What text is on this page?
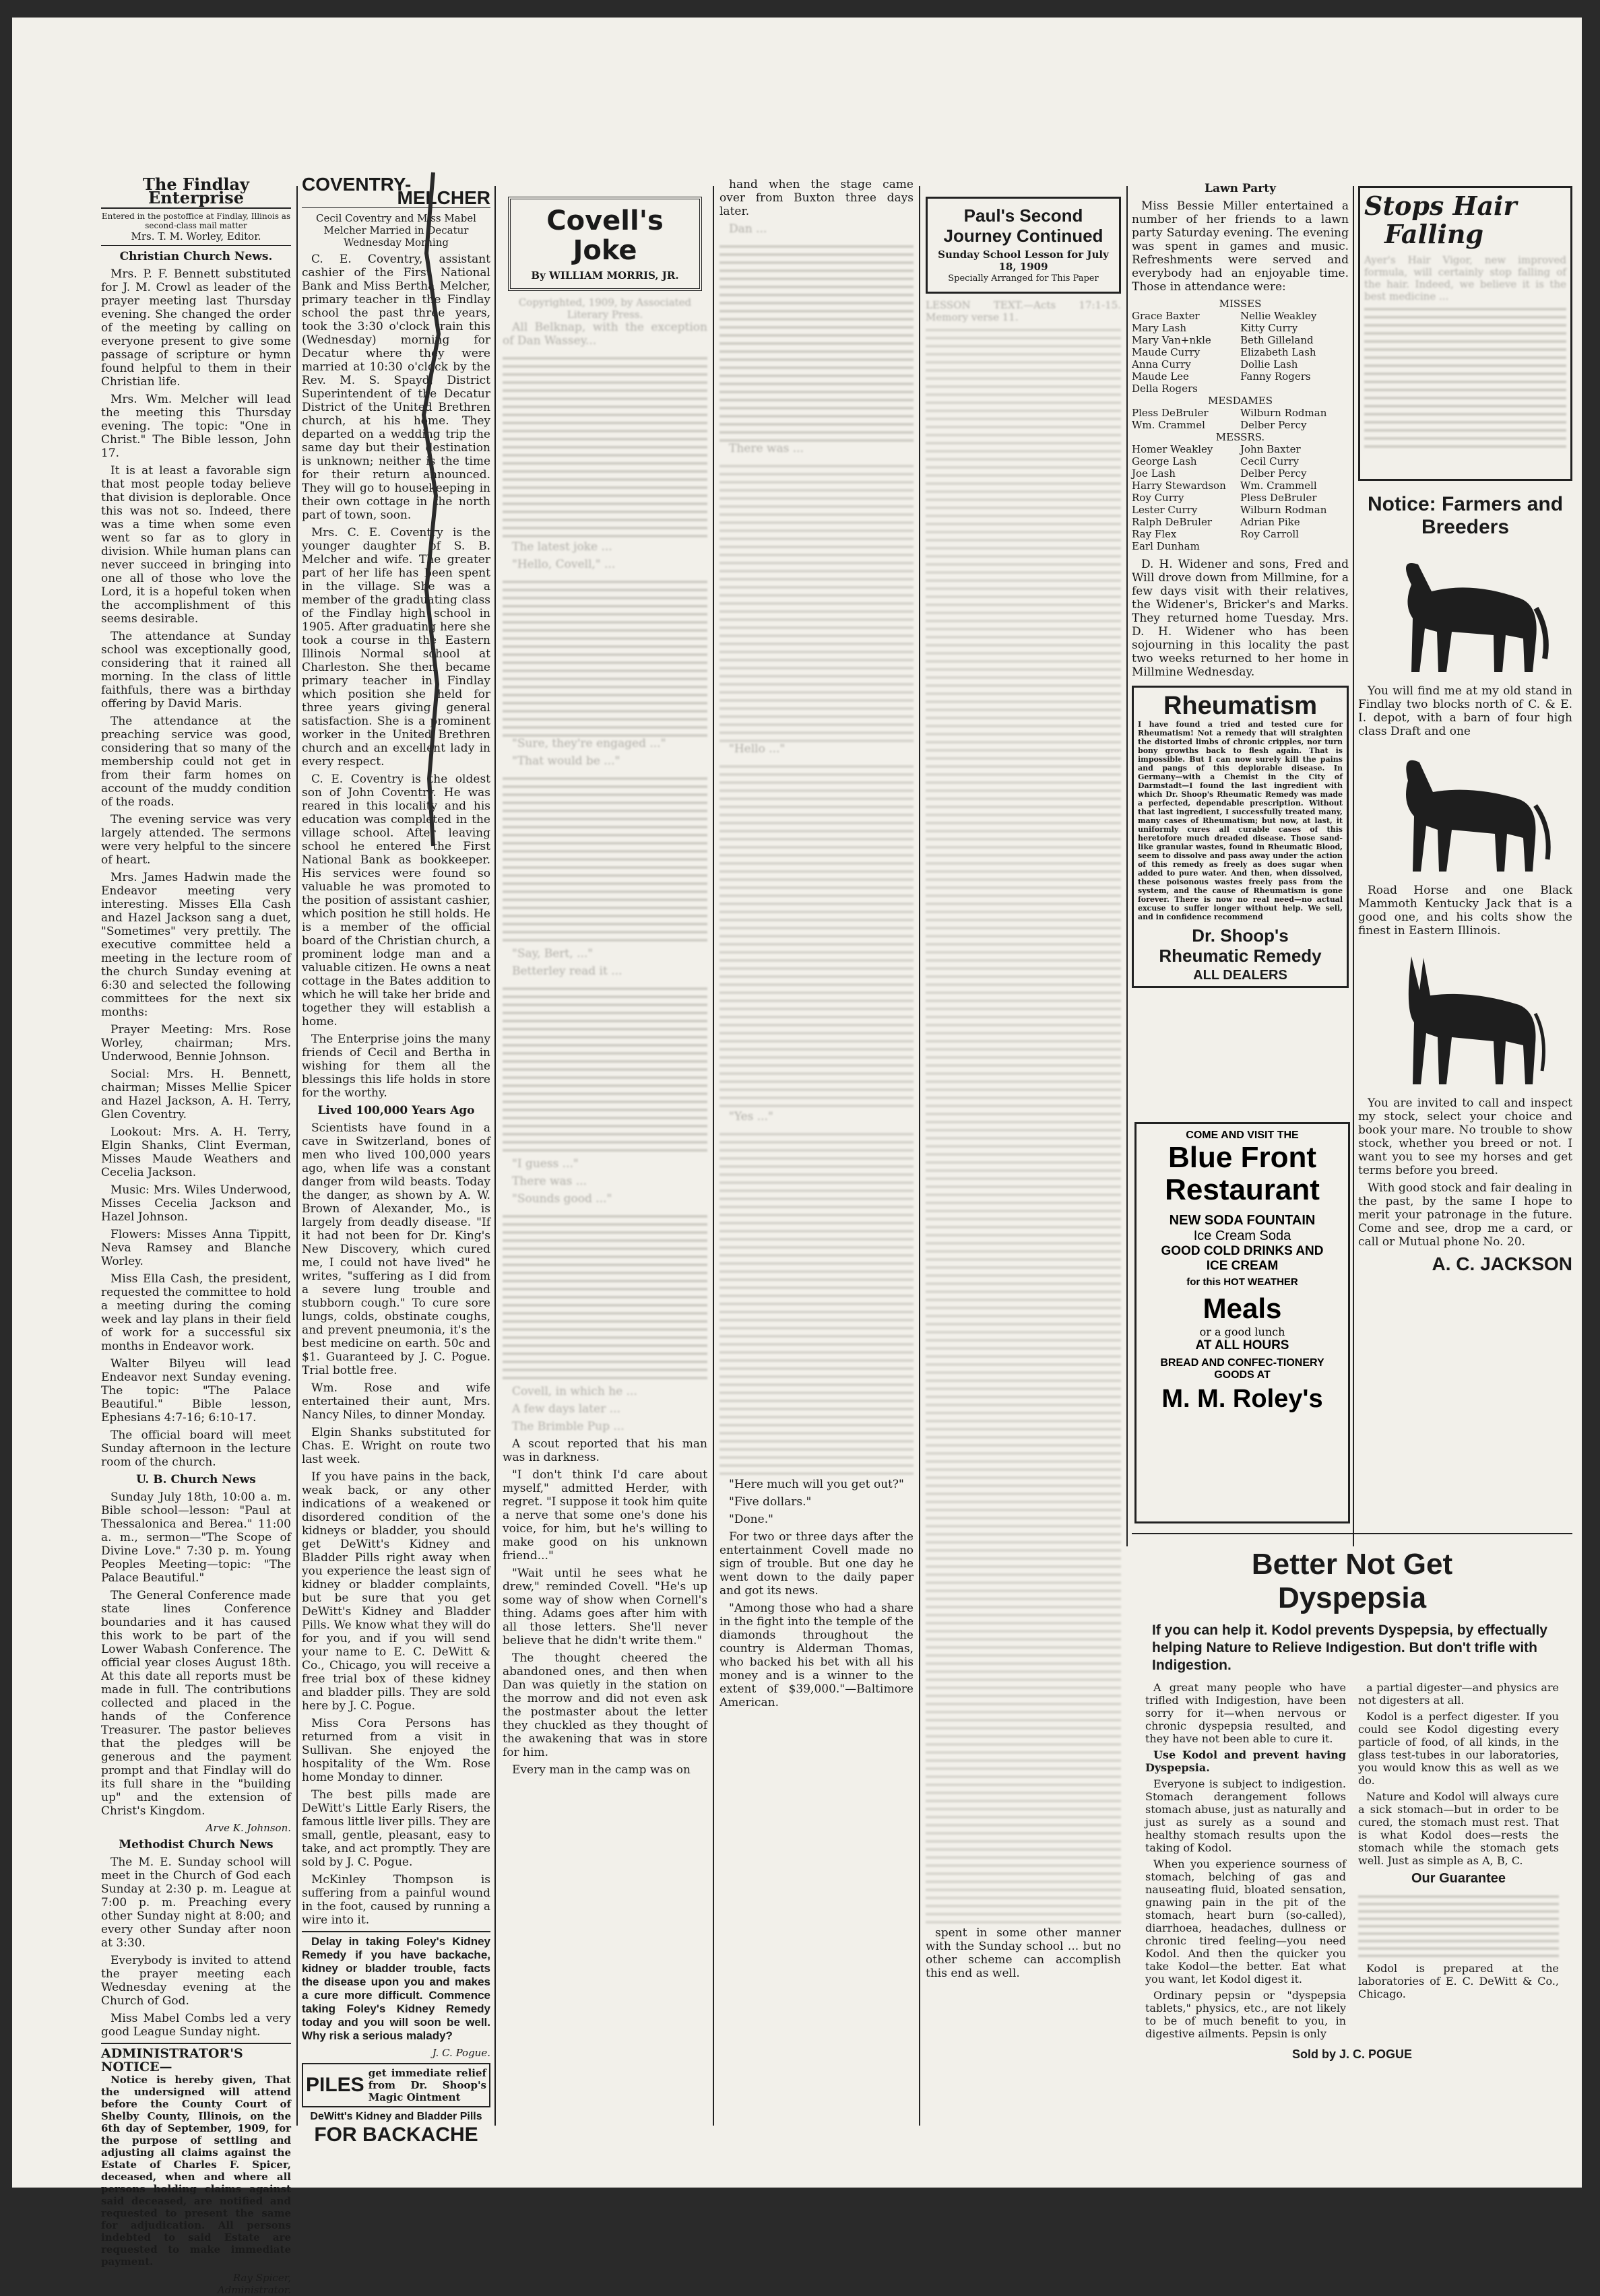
The Findlay Enterprise
Entered in the postoffice at Findlay, Illinois as second-class mail matter
Mrs. T. M. Worley, Editor.
Christian Church News.

Mrs. P. F. Bennett substituted for J. M. Crowl as leader of the prayer meeting last Thursday evening. She changed the order of the meeting by calling on everyone present to give some passage of scripture or hymn found helpful to them in their Christian life.

Mrs. Wm. Melcher will lead the meeting this Thursday evening. The topic: "One in Christ." The Bible lesson, John 17.

It is at least a favorable sign that most people today believe that division is deplorable. Once this was not so. Indeed, there was a time when some even went so far as to glory in division. While human plans can never succeed in bringing into one all of those who love the Lord, it is a hopeful token when the accomplishment of this seems desirable.

The attendance at Sunday school was exceptionally good, considering that it rained all morning. In the class of little faithfuls, there was a birthday offering by David Maris.

The attendance at the preaching service was good, considering that so many of the membership could not get in from their farm homes on account of the muddy condition of the roads.

The evening service was very largely attended. The sermons were very helpful to the sincere of heart.

Mrs. James Hadwin made the Endeavor meeting very interesting. Misses Ella Cash and Hazel Jackson sang a duet, "Sometimes" very prettily. The executive committee held a meeting in the lecture room of the church Sunday evening at 6:30 and selected the following committees for the next six months:

Prayer Meeting: Mrs. Rose Worley, chairman; Mrs. Underwood, Bennie Johnson.

Social: Mrs. H. Bennett, chairman; Misses Mellie Spicer and Hazel Jackson, A. H. Terry, Glen Coventry.

Lookout: Mrs. A. H. Terry, Elgin Shanks, Clint Everman, Misses Maude Weathers and Cecelia Jackson.

Music: Mrs. Wiles Underwood, Misses Cecelia Jackson and Hazel Johnson.

Flowers: Misses Anna Tippitt, Neva Ramsey and Blanche Worley.

Miss Ella Cash, the president, requested the committee to hold a meeting during the coming week and lay plans in their field of work for a successful six months in Endeavor work.

Walter Bilyeu will lead Endeavor next Sunday evening. The topic: "The Palace Beautiful." Bible lesson, Ephesians 4:7-16; 6:10-17.

The official board will meet Sunday afternoon in the lecture room of the church.

U. B. Church News

Sunday July 18th, 10:00 a. m. Bible school—lesson: "Paul at Thessalonica and Berea." 11:00 a. m., sermon—"The Scope of Divine Love." 7:30 p. m. Young Peoples Meeting—topic: "The Palace Beautiful."

The General Conference made state lines Conference boundaries and it has caused this work to be part of the Lower Wabash Conference. The official year closes August 18th. At this date all reports must be made in full. The contributions collected and placed in the hands of the Conference Treasurer. The pastor believes that the pledges will be generous and the payment prompt and that Findlay will do its full share in the "building up" and the extension of Christ's Kingdom.

Arve K. Johnson.
Methodist Church News

The M. E. Sunday school will meet in the Church of God each Sunday at 2:30 p. m. League at 7:00 p. m. Preaching every other Sunday night at 8:00; and every other Sunday after noon at 3:30.

Everybody is invited to attend the prayer meeting each Wednesday evening at the Church of God.

Miss Mabel Combs led a very good League Sunday night.

ADMINISTRATOR'S NOTICE—

Notice is hereby given, That the undersigned will attend before the County Court of Shelby County, Illinois, on the 6th day of September, 1909, for the purpose of settling and adjusting all claims against the Estate of Charles F. Spicer, deceased, when and where all persons holding claims against said deceased, are notified and requested to present the same for adjudication. All persons indebted to said Estate are requested to make immediate payment.

Ray Spicer,
Administrator.
COVENTRY-
MELCHER
Cecil Coventry and Miss Mabel Melcher Married in Decatur Wednesday Morning

C. E. Coventry, assistant cashier of the First National Bank and Miss Bertha Melcher, primary teacher in the Findlay school the past three years, took the 3:30 o'clock train this (Wednesday) morning for Decatur where they were married at 10:30 o'clock by the Rev. M. S. Spayd, District Superintendent of the Decatur District of the United Brethren church, at his home. They departed on a wedding trip the same day but their destination is unknown; neither is the time for their return announced. They will go to housekeeping in their own cottage in the north part of town, soon.

Mrs. C. E. Coventry is the younger daughter of S. B. Melcher and wife. The greater part of her life has been spent in the village. She was a member of the graduating class of the Findlay high school in 1905. After graduating here she took a course in the Eastern Illinois Normal school at Charleston. She then became primary teacher in Findlay which position she held for three years giving general satisfaction. She is a prominent worker in the United Brethren church and an excellent lady in every respect.

C. E. Coventry is the oldest son of John Coventry. He was reared in this locality and his education was completed in the village school. After leaving school he entered the First National Bank as bookkeeper. His services were found so valuable he was promoted to the position of assistant cashier, which position he still holds. He is a member of the official board of the Christian church, a prominent lodge man and a valuable citizen. He owns a neat cottage in the Bates addition to which he will take her bride and together they will establish a home.

The Enterprise joins the many friends of Cecil and Bertha in wishing for them all the blessings this life holds in store for the worthy.

Lived 100,000 Years Ago

Scientists have found in a cave in Switzerland, bones of men who lived 100,000 years ago, when life was a constant danger from wild beasts. Today the danger, as shown by A. W. Brown of Alexander, Mo., is largely from deadly disease. "If it had not been for Dr. King's New Discovery, which cured me, I could not have lived" he writes, "suffering as I did from a severe lung trouble and stubborn cough." To cure sore lungs, colds, obstinate coughs, and prevent pneumonia, it's the best medicine on earth. 50c and $1. Guaranteed by J. C. Pogue. Trial bottle free.

Wm. Rose and wife entertained their aunt, Mrs. Nancy Niles, to dinner Monday.

Elgin Shanks substituted for Chas. E. Wright on route two last week.

If you have pains in the back, weak back, or any other indications of a weakened or disordered condition of the kidneys or bladder, you should get DeWitt's Kidney and Bladder Pills right away when you experience the least sign of kidney or bladder complaints, but be sure that you get DeWitt's Kidney and Bladder Pills. We know what they will do for you, and if you will send your name to E. C. DeWitt & Co., Chicago, you will receive a free trial box of these kidney and bladder pills. They are sold here by J. C. Pogue.

Miss Cora Persons has returned from a visit in Sullivan. She enjoyed the hospitality of the Wm. Rose home Monday to dinner.

The best pills made are DeWitt's Little Early Risers, the famous little liver pills. They are small, gentle, pleasant, easy to take, and act promptly. They are sold by J. C. Pogue.

McKinley Thompson is suffering from a painful wound in the foot, caused by running a wire into it.

Delay in taking Foley's Kidney Remedy if you have backache, kidney or bladder trouble, facts the disease upon you and makes a cure more difficult. Commence taking Foley's Kidney Remedy today and you will soon be well. Why risk a serious malady?

J. C. Pogue.
PILES
get immediate relief from Dr. Shoop's Magic Ointment
DeWitt's Kidney and Bladder Pills
FOR BACKACHE
Covell's Joke
By WILLIAM MORRIS, JR.
Copyrighted, 1909, by Associated Literary Press.

All Belknap, with the exception of Dan Wassey...

The latest joke ...

"Hello, Covell," ...

"Sure, they're engaged ..."

"That would be ..."

"Say, Bert, ..."

Betterley read it ...

"I guess ..."

There was ...

"Sounds good ..."

Covell, in which he ...

A few days later ...

The Brimble Pup ...

A scout reported that his man was in darkness.

"I don't think I'd care about myself," admitted Herder, with regret. "I suppose it took him quite a nerve that some one's done his voice, for him, but he's willing to make good on his unknown friend..."

"Wait until he sees what he drew," reminded Covell. "He's up some way of show when Cornell's thing. Adams goes after him with all those letters. She'll never believe that he didn't write them."

The thought cheered the abandoned ones, and then when Dan was quietly in the station on the morrow and did not even ask the postmaster about the letter they chuckled as they thought of the awakening that was in store for him.

Every man in the camp was on

hand when the stage came over from Buxton three days later.

Dan ...

There was ...

"Hello ..."

"Yes ..."

"Here much will you get out?"

"Five dollars."

"Done."

For two or three days after the entertainment Covell made no sign of trouble. But one day he went down to the daily paper and got its news.

"Among those who had a share in the fight into the temple of the diamonds throughout the country is Alderman Thomas, who backed his bet with all his money and is a winner to the extent of $39,000."—Baltimore American.

Paul's Second
Journey Continued
Sunday School Lesson for July 18, 1909
Specially Arranged for This Paper
LESSON TEXT.—Acts 17:1-15. Memory verse 11.

spent in some other manner with the Sunday school ... but no other scheme can accomplish this end as well.

Lawn Party

Miss Bessie Miller entertained a number of her friends to a lawn party Saturday evening. The evening was spent in games and music. Refreshments were served and everybody had an enjoyable time. Those in attendance were:

MISSES
Grace Baxter	Nellie Weakley
Mary Lash	Kitty Curry
Mary Van+nkle	Beth Gilleland
Maude Curry	Elizabeth Lash
Anna Curry	Dollie Lash
Maude Lee	Fanny Rogers
Della Rogers
MESDAMES
Pless DeBruler	Wilburn Rodman
Wm. Crammel	Delber Percy
MESSRS.
Homer Weakley	John Baxter
George Lash	Cecil Curry
Joe Lash	Delber Percy
Harry Stewardson	Wm. Crammell
Roy Curry	Pless DeBruler
Lester Curry	Wilburn Rodman
Ralph DeBruler	Adrian Pike
Ray Flex	Roy Carroll
Earl Dunham

D. H. Widener and sons, Fred and Will drove down from Millmine, for a few days visit with their relatives, the Widener's, Bricker's and Marks. They returned home Tuesday. Mrs. D. H. Widener who has been sojourning in this locality the past two weeks returned to her home in Millmine Wednesday.

Rheumatism
I have found a tried and tested cure for Rheumatism! Not a remedy that will straighten the distorted limbs of chronic cripples, nor turn bony growths back to flesh again. That is impossible. But I can now surely kill the pains and pangs of this deplorable disease. In Germany—with a Chemist in the City of Darmstadt—I found the last ingredient with which Dr. Shoop's Rheumatic Remedy was made a perfected, dependable prescription. Without that last ingredient, I successfully treated many, many cases of Rheumatism; but now, at last, it uniformly cures all curable cases of this heretofore much dreaded disease. Those sand-like granular wastes, found in Rheumatic Blood, seem to dissolve and pass away under the action of this remedy as freely as does sugar when added to pure water. And then, when dissolved, these poisonous wastes freely pass from the system, and the cause of Rheumatism is gone forever. There is now no real need—no actual excuse to suffer longer without help. We sell, and in confidence recommend
Dr. Shoop's
Rheumatic Remedy
ALL DEALERS
COME AND VISIT THE
Blue Front
Restaurant
NEW SODA FOUNTAIN
Ice Cream Soda
GOOD COLD DRINKS AND ICE CREAM
for this HOT WEATHER
Meals
or a good lunch
AT ALL HOURS
BREAD AND CONFEC-TIONERY GOODS AT
M. M. Roley's
Stops Hair
Falling
Ayer's Hair Vigor, new improved formula, will certainly stop falling of the hair. Indeed, we believe it is the best medicine ...
Notice: Farmers and Breeders

You will find me at my old stand in Findlay two blocks north of C. & E. I. depot, with a barn of four high class Draft and one

Road Horse and one Black Mammoth Kentucky Jack that is a good one, and his colts show the finest in Eastern Illinois.

You are invited to call and inspect my stock, select your choice and book your mare. No trouble to show stock, whether you breed or not. I want you to see my horses and get terms before you breed.

With good stock and fair dealing in the past, by the same I hope to merit your patronage in the future. Come and see, drop me a card, or call or Mutual phone No. 20.

A. C. JACKSON
Better Not Get
Dyspepsia
If you can help it. Kodol prevents Dyspepsia, by effectually helping Nature to Relieve Indigestion. But don't trifle with Indigestion.

A great many people who have trifled with Indigestion, have been sorry for it—when nervous or chronic dyspepsia resulted, and they have not been able to cure it.

Use Kodol and prevent having Dyspepsia.

Everyone is subject to indigestion. Stomach derangement follows stomach abuse, just as naturally and just as surely as a sound and healthy stomach results upon the taking of Kodol.

When you experience sourness of stomach, belching of gas and nauseating fluid, bloated sensation, gnawing pain in the pit of the stomach, heart burn (so-called), diarrhoea, headaches, dullness or chronic tired feeling—you need Kodol. And then the quicker you take Kodol—the better. Eat what you want, let Kodol digest it.

Ordinary pepsin or "dyspepsia tablets," physics, etc., are not likely to be of much benefit to you, in digestive ailments. Pepsin is only

a partial digester—and physics are not digesters at all.

Kodol is a perfect digester. If you could see Kodol digesting every particle of food, of all kinds, in the glass test-tubes in our laboratories, you would know this as well as we do.

Nature and Kodol will always cure a sick stomach—but in order to be cured, the stomach must rest. That is what Kodol does—rests the stomach while the stomach gets well. Just as simple as A, B, C.

Our Guarantee

Kodol is prepared at the laboratories of E. C. DeWitt & Co., Chicago.

Sold by J. C. POGUE
